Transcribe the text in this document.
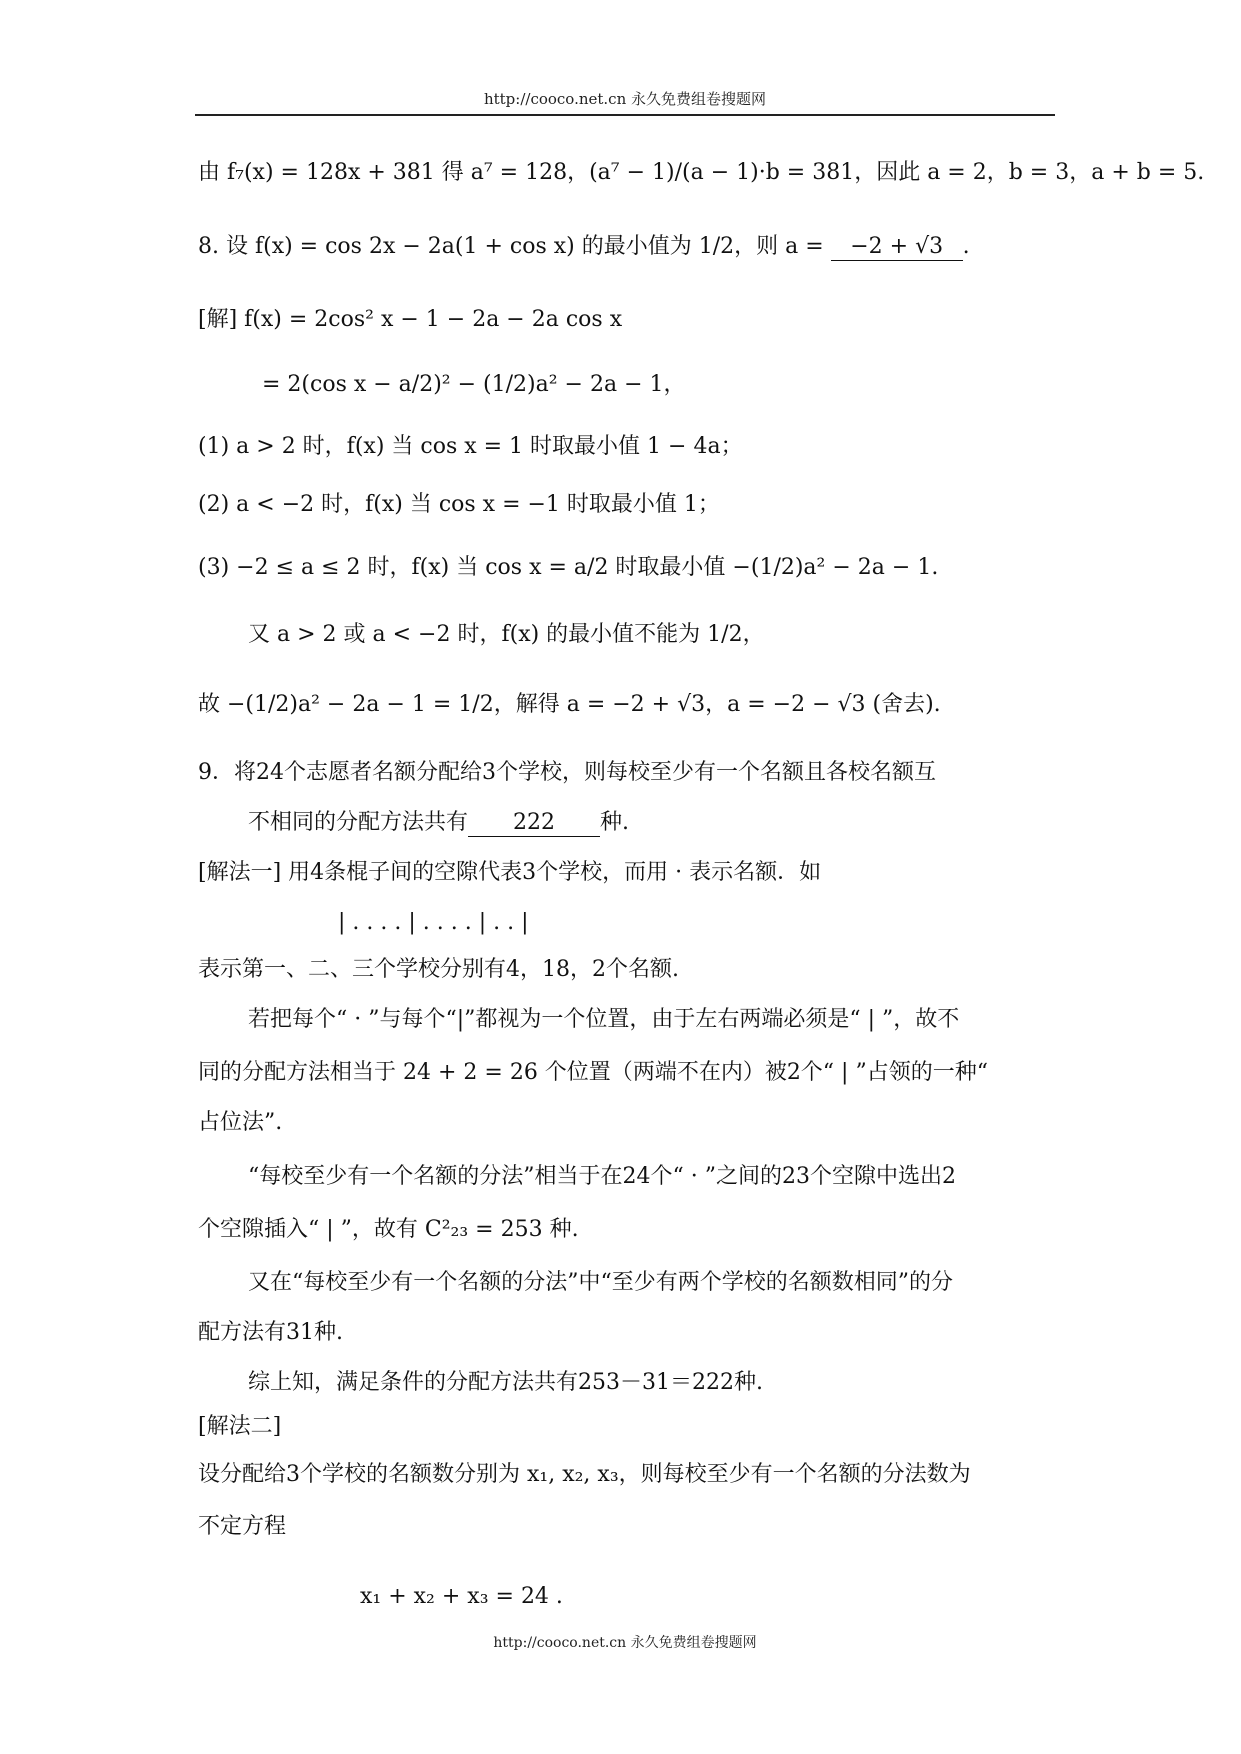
http://cooco.net.cn 永久免费组卷搜题网
由 f₇(x) = 128x + 381 得 a⁷ = 128，(a⁷ − 1)/(a − 1)·b = 381，因此 a = 2，b = 3，a + b = 5.
8. 设 f(x) = cos 2x − 2a(1 + cos x) 的最小值为 1/2，则 a = −2 + √3 .
[解] f(x) = 2cos² x − 1 − 2a − 2a cos x
= 2(cos x − a/2)² − (1/2)a² − 2a − 1，
(1) a > 2 时，f(x) 当 cos x = 1 时取最小值 1 − 4a；
(2) a < −2 时，f(x) 当 cos x = −1 时取最小值 1；
(3) −2 ≤ a ≤ 2 时，f(x) 当 cos x = a/2 时取最小值 −(1/2)a² − 2a − 1.
又 a > 2 或 a < −2 时，f(x) 的最小值不能为 1/2，
故 −(1/2)a² − 2a − 1 = 1/2，解得 a = −2 + √3，a = −2 − √3 (舍去).
9．将24个志愿者名额分配给3个学校，则每校至少有一个名额且各校名额互
不相同的分配方法共有 222 种.
[解法一] 用4条棍子间的空隙代表3个学校，而用 · 表示名额．如
| . . . . | . . . . | . . |
表示第一、二、三个学校分别有4，18，2个名额.
若把每个“ · ”与每个“|”都视为一个位置，由于左右两端必须是“ | ”，故不
同的分配方法相当于 24 + 2 = 26 个位置（两端不在内）被2个“ | ”占领的一种“
占位法”.
“每校至少有一个名额的分法”相当于在24个“ · ”之间的23个空隙中选出2
个空隙插入“ | ”，故有 C²₂₃ = 253 种.
又在“每校至少有一个名额的分法”中“至少有两个学校的名额数相同”的分
配方法有31种.
综上知，满足条件的分配方法共有253－31＝222种.
[解法二]
设分配给3个学校的名额数分别为 x₁, x₂, x₃，则每校至少有一个名额的分法数为
不定方程
x₁ + x₂ + x₃ = 24 .
http://cooco.net.cn 永久免费组卷搜题网
